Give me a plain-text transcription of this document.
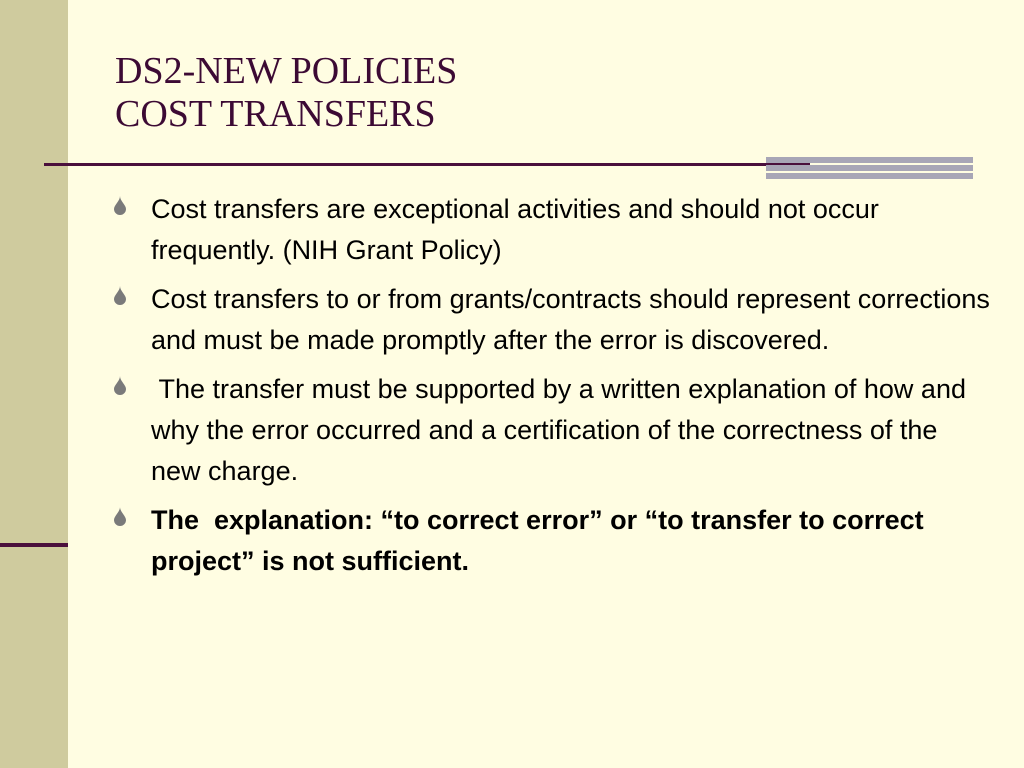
DS2-NEW POLICIES
COST TRANSFERS
Cost transfers are exceptional activities and should not occur frequently. (NIH Grant Policy)
Cost transfers to or from grants/contracts should represent corrections and must be made promptly after the error is discovered.
The transfer must be supported by a written explanation of how and why the error occurred and a certification of the correctness of the new charge.
The  explanation: “to correct error” or “to transfer to correct project” is not sufficient.
